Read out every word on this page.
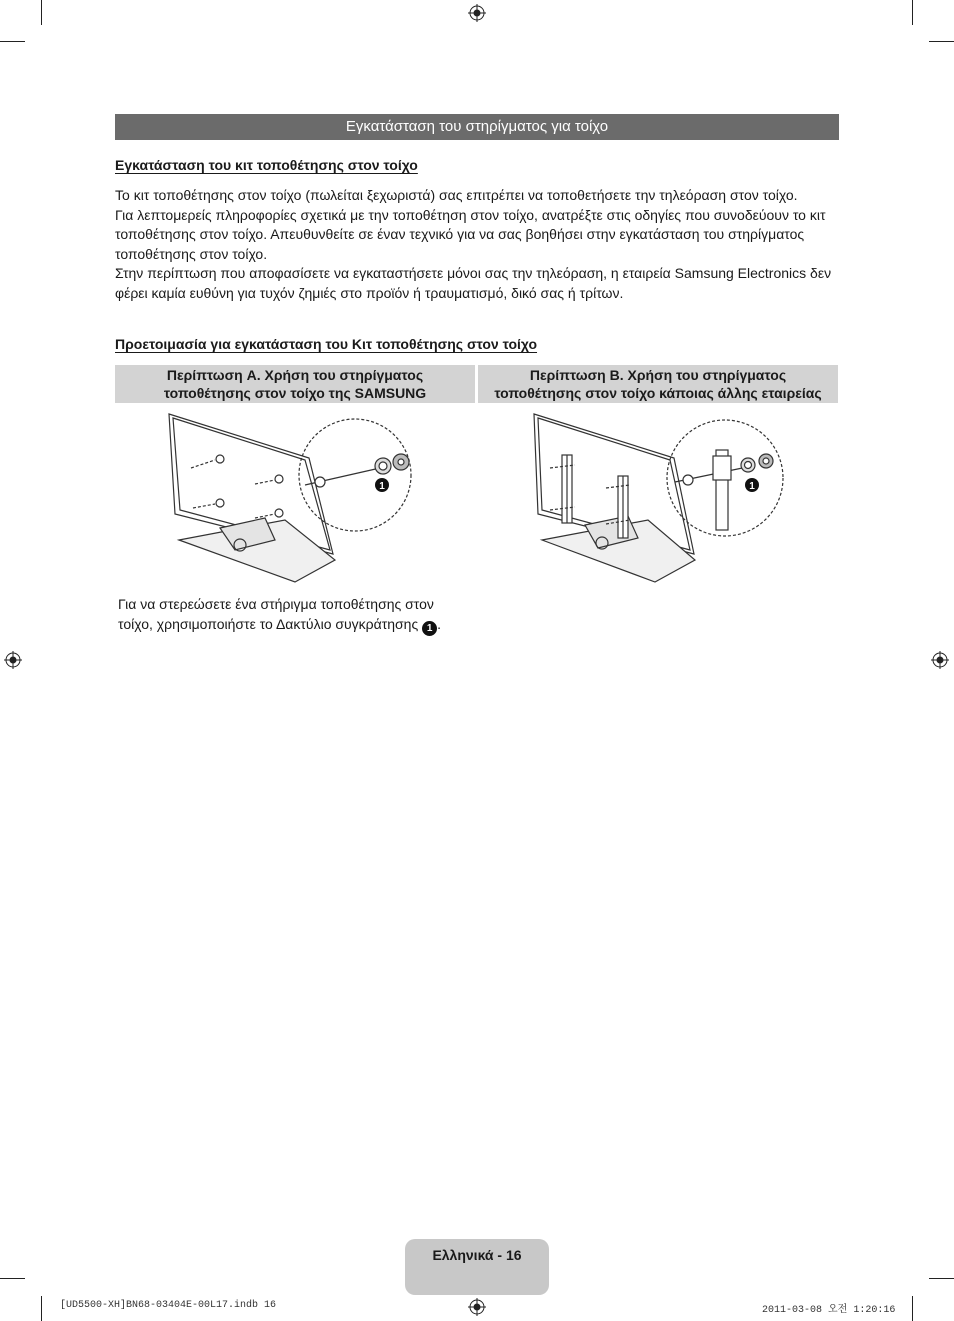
Εγκατάσταση του στηρίγματος για τοίχο
Εγκατάσταση του κιτ τοποθέτησης στον τοίχο

Το κιτ τοποθέτησης στον τοίχο (πωλείται ξεχωριστά) σας επιτρέπει να τοποθετήσετε την τηλεόραση στον τοίχο.

Για λεπτομερείς πληροφορίες σχετικά με την τοποθέτηση στον τοίχο, ανατρέξτε στις οδηγίες που συνοδεύουν το κιτ τοποθέτησης στον τοίχο. Απευθυνθείτε σε έναν τεχνικό για να σας βοηθήσει στην εγκατάσταση του στηρίγματος τοποθέτησης στον τοίχο.

Στην περίπτωση που αποφασίσετε να εγκαταστήσετε μόνοι σας την τηλεόραση, η εταιρεία Samsung Electronics δεν φέρει καμία ευθύνη για τυχόν ζημιές στο προϊόν ή τραυματισμό, δικό σας ή τρίτων.

Προετοιμασία για εγκατάσταση του Κιτ τοποθέτησης στον τοίχο
Περίπτωση A. Χρήση του στηρίγματος
τοποθέτησης στον τοίχο της SAMSUNG
Περίπτωση B. Χρήση του στηρίγματος
τοποθέτησης στον τοίχο κάποιας άλλης εταιρείας
1	1
Για να στερεώσετε ένα στήριγμα τοποθέτησης στον
τοίχο, χρησιμοποιήστε το Δακτύλιο συγκράτησης 1 .
Ελληνικά - 16
[UD5500-XH]BN68-03404E-00L17.indb 16	2011-03-08 오전 1:20:16
